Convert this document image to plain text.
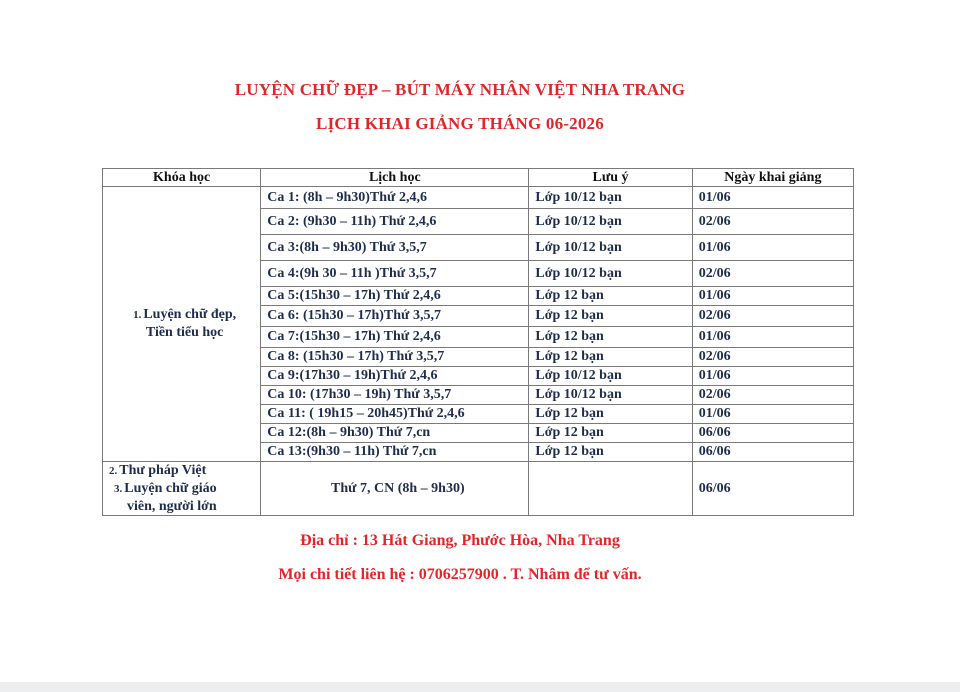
LUYỆN CHỮ ĐẸP – BÚT MÁY NHÂN VIỆT NHA TRANG
LỊCH KHAI GIẢNG THÁNG 06-2026
Khóa học	Lịch học	Lưu ý	Ngày khai giảng

1. Luyện chữ đẹp,
Tiền tiểu học	Ca 1: (8h – 9h30)Thứ 2,4,6	Lớp 10/12 bạn	01/06
	Ca 2: (9h30 – 11h) Thứ 2,4,6	Lớp 10/12 bạn	02/06
	Ca 3:(8h – 9h30) Thứ 3,5,7	Lớp 10/12 bạn	01/06
	Ca 4:(9h 30 – 11h )Thứ 3,5,7	Lớp 10/12 bạn	02/06
	Ca 5:(15h30 – 17h) Thứ 2,4,6	Lớp 12 bạn	01/06
	Ca 6: (15h30 – 17h)Thứ 3,5,7	Lớp 12 bạn	02/06
	Ca 7:(15h30 – 17h) Thứ 2,4,6	Lớp 12 bạn	01/06
	Ca 8: (15h30 – 17h) Thứ 3,5,7	Lớp 12 bạn	02/06
	Ca 9:(17h30 – 19h)Thứ 2,4,6	Lớp 10/12 bạn	01/06
	Ca 10: (17h30 – 19h) Thứ 3,5,7	Lớp 10/12 bạn	02/06
	Ca 11: ( 19h15 – 20h45)Thứ 2,4,6	Lớp 12 bạn	01/06
	Ca 12:(8h – 9h30) Thứ 7,cn	Lớp 12 bạn	06/06
	Ca 13:(9h30 – 11h) Thứ 7,cn	Lớp 12 bạn	06/06

2. Thư pháp Việt
3. Luyện chữ giáo
viên, người lớn	Thứ 7, CN (8h – 9h30)		06/06
Địa chỉ : 13 Hát Giang, Phước Hòa, Nha Trang
Mọi chi tiết liên hệ : 0706257900 . T. Nhâm để tư vấn.
